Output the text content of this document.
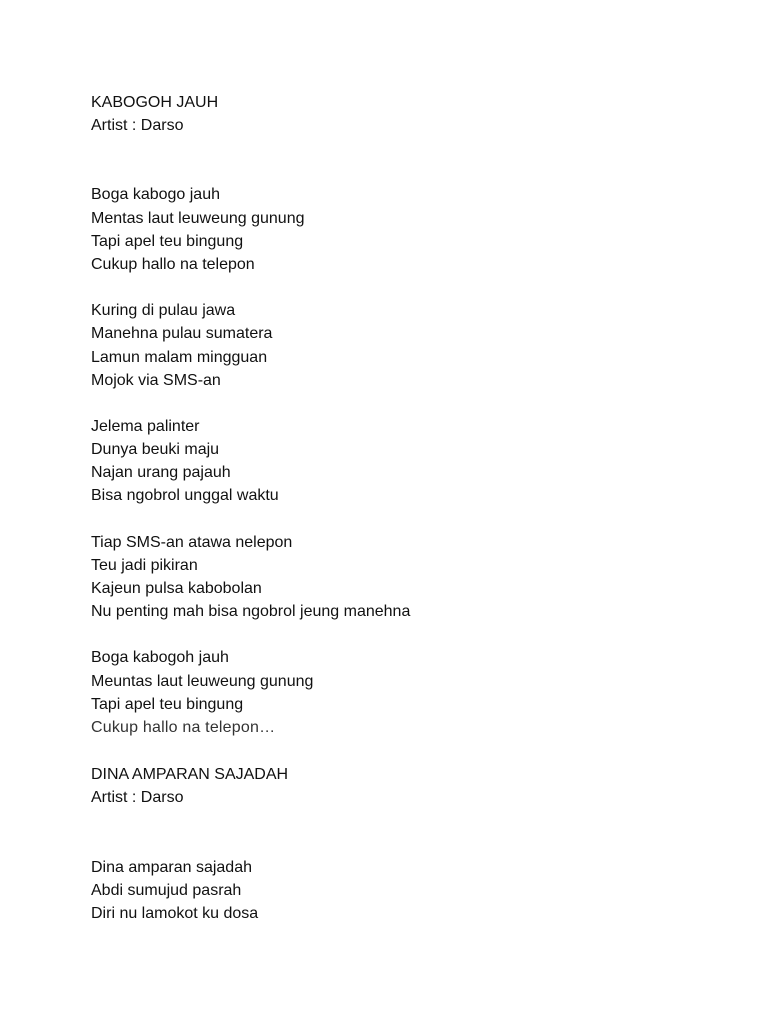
KABOGOH JAUH
Artist : Darso
Boga kabogo jauh
Mentas laut leuweung gunung
Tapi apel teu bingung
Cukup hallo na telepon
Kuring di pulau jawa
Manehna pulau sumatera
Lamun malam mingguan
Mojok via SMS-an
Jelema palinter
Dunya beuki maju
Najan urang pajauh
Bisa ngobrol unggal waktu
Tiap SMS-an atawa nelepon
Teu jadi pikiran
Kajeun pulsa kabobolan
Nu penting mah bisa ngobrol jeung manehna
Boga kabogoh jauh
Meuntas laut leuweung gunung
Tapi apel teu bingung
Cukup hallo na telepon…
DINA AMPARAN SAJADAH
Artist : Darso
Dina amparan sajadah
Abdi sumujud pasrah
Diri nu lamokot ku dosa
